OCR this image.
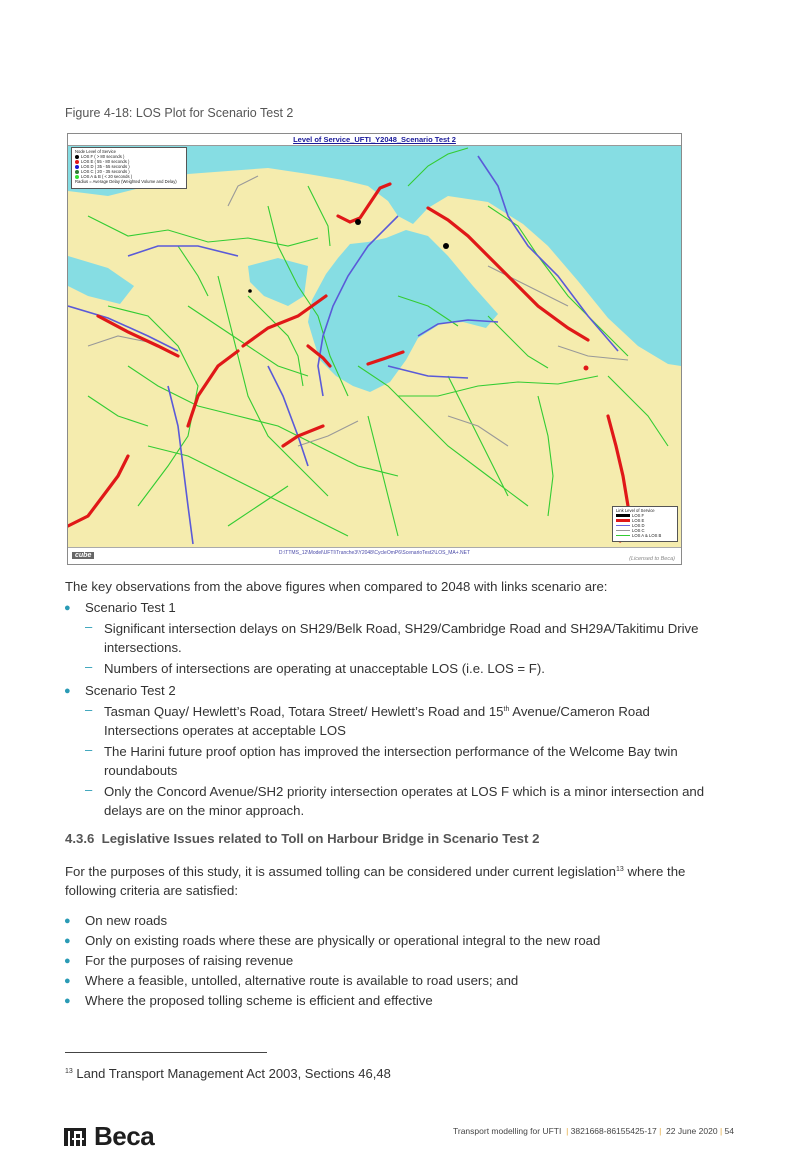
Figure 4-18: LOS Plot for Scenario Test 2
Level of Service_UFTI_Y2048_Scenario Test 2
Node Level of Service
LOS F ( > 80 seconds )
LOS E ( 55 - 80 seconds )
LOS D ( 35 - 55 seconds )
LOS C ( 20 - 35 seconds )
LOS A & B ( < 20 seconds )
Radius = Average Delay (Weighted Volume and Delay)
Link Level of Service
LOS F
LOS E
LOS D
LOS C
LOS A & LOS B
cube	D:\TTMS_12\Model\UFTI\Tranche3\Y2048\CycleOmP6\ScenarioTest2\LOS_MA+.NET
(Licensed to Beca)
The key observations from the above figures when compared to 2048 with links scenario are:
● Scenario Test 1
– Significant intersection delays on SH29/Belk Road, SH29/Cambridge Road and SH29A/Takitimu Drive intersections.
– Numbers of intersections are operating at unacceptable LOS (i.e. LOS = F).
● Scenario Test 2
– Tasman Quay/ Hewlett’s Road, Totara Street/ Hewlett’s Road and 15th Avenue/Cameron Road Intersections operates at acceptable LOS
– The Harini future proof option has improved the intersection performance of the Welcome Bay twin roundabouts
– Only the Concord Avenue/SH2 priority intersection operates at LOS F which is a minor intersection and delays are on the minor approach.
4.3.6 Legislative Issues related to Toll on Harbour Bridge in Scenario Test 2
For the purposes of this study, it is assumed tolling can be considered under current legislation$^{13}$ where the following criteria are satisfied:
● On new roads
● Only on existing roads where these are physically or operational integral to the new road
● For the purposes of raising revenue
● Where a feasible, untolled, alternative route is available to road users; and
● Where the proposed tolling scheme is efficient and effective
$^{13}$ Land Transport Management Act 2003, Sections 46,48
Beca	Transport modelling for UFTI | 3821668-86155425-17 | 22 June 2020 | 54
